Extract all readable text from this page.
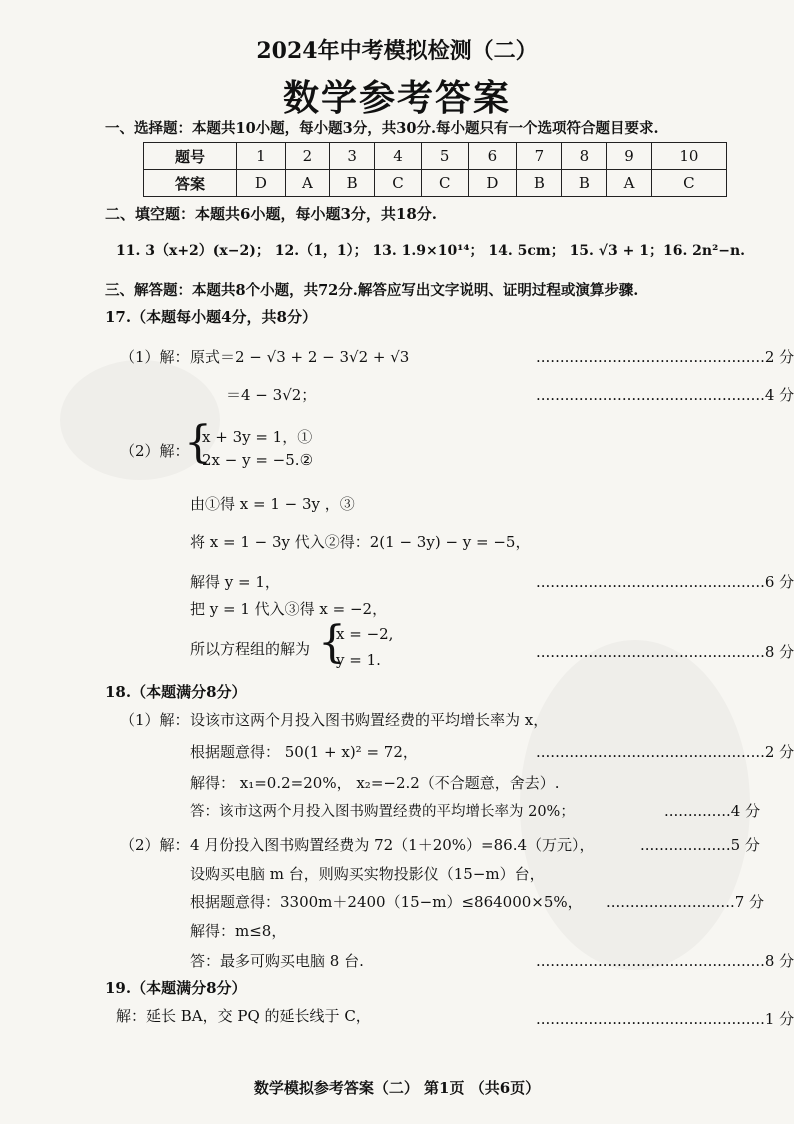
2024年中考模拟检测（二）
数学参考答案
一、选择题：本题共10小题，每小题3分，共30分.每小题只有一个选项符合题目要求.
题号	1	2	3	4	5	6	7	8	9	10
答案	D	A	B	C	C	D	B	B	A	C
二、填空题：本题共6小题，每小题3分，共18分.
11. 3（x+2）(x−2)； 12.（1，1）； 13. 1.9×10¹⁴； 14. 5cm； 15. √3 + 1；16. 2n²−n.
三、解答题：本题共8个小题，共72分.解答应写出文字说明、证明过程或演算步骤.
17.（本题每小题4分，共8分）
（1）解： 原式＝2 − √3 + 2 − 3√2 + √3	................................................2 分
＝4 − 3√2；	................................................4 分
（2）解：
{
x + 3y = 1，①
2x − y = −5.②
由①得 x = 1 − 3y ，③
将 x = 1 − 3y 代入②得：2(1 − 3y) − y = −5，
解得 y = 1，	................................................6 分
把 y = 1 代入③得 x = −2，
所以方程组的解为 {
x = −2,
y = 1.	................................................8 分
18.（本题满分8分）
（1）解： 设该市这两个月投入图书购置经费的平均增长率为 x，
根据题意得： 50(1 + x)² = 72，	................................................2 分
解得： x₁=0.2=20%， x₂=−2.2（不合题意，舍去）.
答：该市这两个月投入图书购置经费的平均增长率为 20%；	..............4 分
（2）解： 4 月份投入图书购置经费为 72（1＋20%）=86.4（万元），	...................5 分
设购买电脑 m 台，则购买实物投影仪（15−m）台，
根据题意得：3300m＋2400（15−m）≤864000×5%， ...........................7 分
解得：m≤8，
答：最多可购买电脑 8 台.	................................................8 分
19.（本题满分8分）
解：延长 BA，交 PQ 的延长线于 C，	................................................1 分
数学模拟参考答案（二） 第1页 （共6页）
